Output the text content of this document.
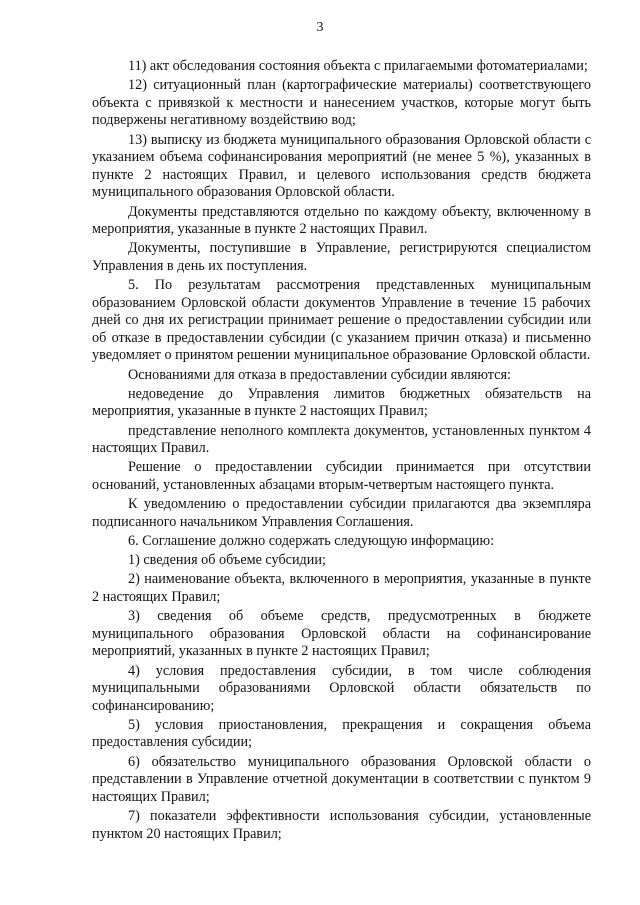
3

11) акт обследования состояния объекта с прилагаемыми фотоматериалами;

12) ситуационный план (картографические материалы) соответствующего объекта с привязкой к местности и нанесением участков, которые могут быть подвержены негативному воздействию вод;

13) выписку из бюджета муниципального образования Орловской области с указанием объема софинансирования мероприятий (не менее 5 %), указанных в пункте 2 настоящих Правил, и целевого использования средств бюджета муниципального образования Орловской области.

Документы представляются отдельно по каждому объекту, включенному в мероприятия, указанные в пункте 2 настоящих Правил.

Документы, поступившие в Управление, регистрируются специалистом Управления в день их поступления.

5. По результатам рассмотрения представленных муниципальным образованием Орловской области документов Управление в течение 15 рабочих дней со дня их регистрации принимает решение о предоставлении субсидии или об отказе в предоставлении субсидии (с указанием причин отказа) и письменно уведомляет о принятом решении муниципальное образование Орловской области.

Основаниями для отказа в предоставлении субсидии являются:

недоведение до Управления лимитов бюджетных обязательств на мероприятия, указанные в пункте 2 настоящих Правил;

представление неполного комплекта документов, установленных пунктом 4 настоящих Правил.

Решение о предоставлении субсидии принимается при отсутствии оснований, установленных абзацами вторым-четвертым настоящего пункта.

К уведомлению о предоставлении субсидии прилагаются два экземпляра подписанного начальником Управления Соглашения.

6. Соглашение должно содержать следующую информацию:

1) сведения об объеме субсидии;

2) наименование объекта, включенного в мероприятия, указанные в пункте 2 настоящих Правил;

3) сведения об объеме средств, предусмотренных в бюджете муниципального образования Орловской области на софинансирование мероприятий, указанных в пункте 2 настоящих Правил;

4) условия предоставления субсидии, в том числе соблюдения муниципальными образованиями Орловской области обязательств по софинансированию;

5) условия приостановления, прекращения и сокращения объема предоставления субсидии;

6) обязательство муниципального образования Орловской области о представлении в Управление отчетной документации в соответствии с пунктом 9 настоящих Правил;

7) показатели эффективности использования субсидии, установленные пунктом 20 настоящих Правил;
